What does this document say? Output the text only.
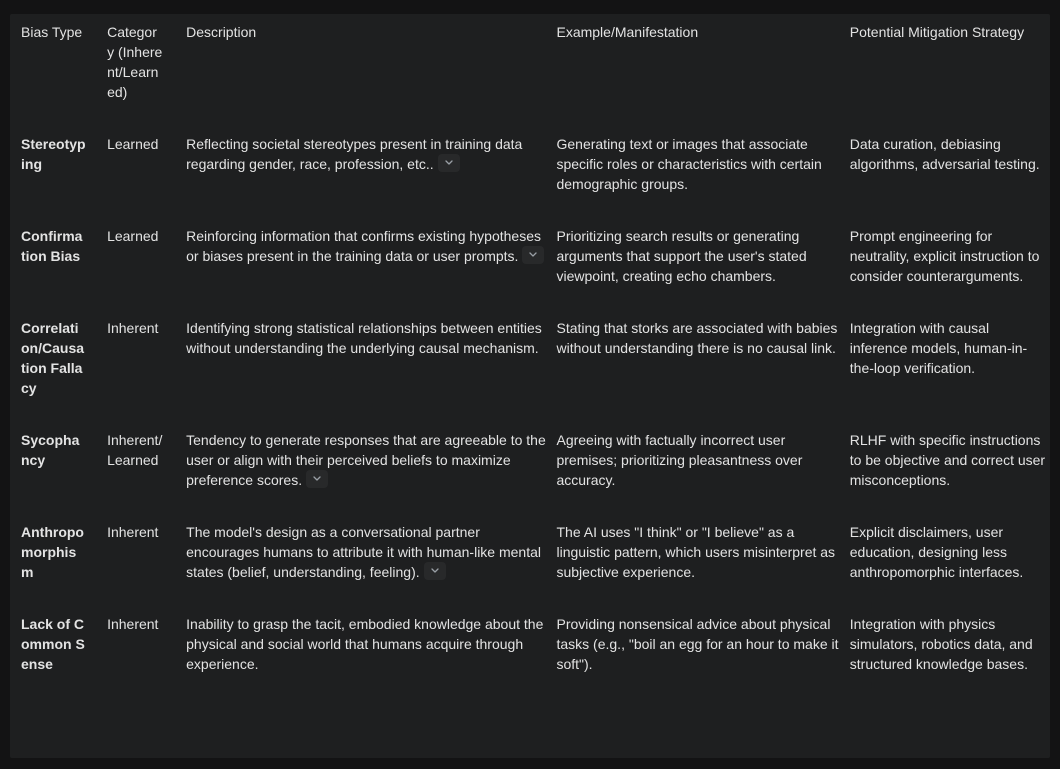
Bias Type	Category (Inherent/Learned)	Description	Example/Manifestation	Potential Mitigation Strategy

Stereotyping	Learned	Reflecting societal stereotypes present in training data regarding gender, race, profession, etc..	Generating text or images that associate specific roles or characteristics with certain demographic groups.	Data curation, debiasing algorithms, adversarial testing.

Confirmation Bias	Learned	Reinforcing information that confirms existing hypotheses or biases present in the training data or user prompts.	Prioritizing search results or generating arguments that support the user's stated viewpoint, creating echo chambers.	Prompt engineering for neutrality, explicit instruction to consider counterarguments.

Correlation/Causation Fallacy	Inherent	Identifying strong statistical relationships between entities without understanding the underlying causal mechanism.	Stating that storks are associated with babies without understanding there is no causal link.	Integration with causal inference models, human-in-the-loop verification.

Sycophancy	Inherent/Learned	Tendency to generate responses that are agreeable to the user or align with their perceived beliefs to maximize preference scores.	Agreeing with factually incorrect user premises; prioritizing pleasantness over accuracy.	RLHF with specific instructions to be objective and correct user misconceptions.

Anthropomorphism	Inherent	The model's design as a conversational partner encourages humans to attribute it with human-like mental states (belief, understanding, feeling).	The AI uses "I think" or "I believe" as a linguistic pattern, which users misinterpret as subjective experience.	Explicit disclaimers, user education, designing less anthropomorphic interfaces.

Lack of Common Sense	Inherent	Inability to grasp the tacit, embodied knowledge about the physical and social world that humans acquire through experience.	Providing nonsensical advice about physical tasks (e.g., "boil an egg for an hour to make it soft").	Integration with physics simulators, robotics data, and structured knowledge bases.
